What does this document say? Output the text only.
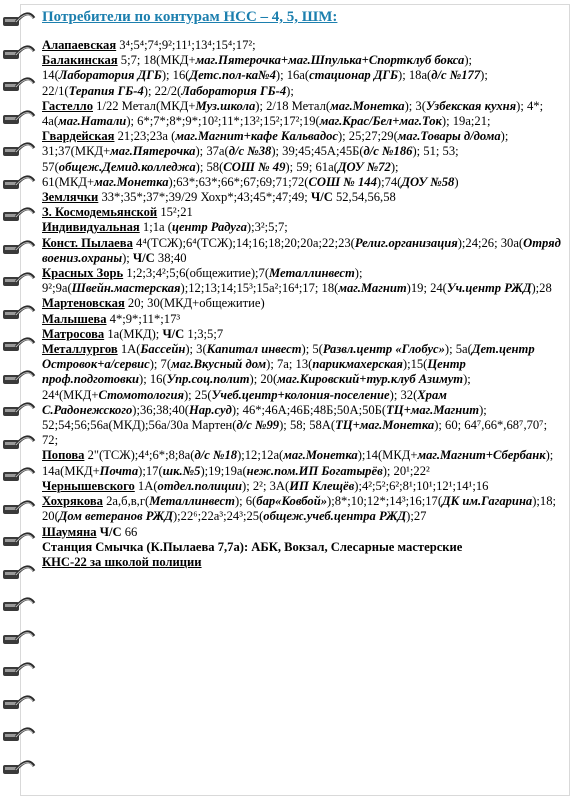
Потребители по контурам НСС – 4, 5, ШМ:
Алапаевская 3⁴;5⁴;7⁴;9²;11¹;13⁴;15⁴;17²;
Балакинская 5;7; 18(МКД+маг.Пятерочка+маг.Шпулька+Спортклуб бокса); 14(Лаборатория ДГБ); 16(Детс.пол-ка№4); 16а(стационар ДГБ); 18а(д/с №177); 22/1(Терапия ГБ-4); 22/2(Лаборатория ГБ-4);
Гастелло 1/22 Метал(МКД+Муз.школа); 2/18 Метал(маг.Монетка); 3(Узбекская кухня); 4*; 4а(маг.Натали); 6*;7*;8*;9*;10²;11*;13²;15²;17²;19(маг.Крас/Бел+маг.Ток); 19а;21;
Гвардейская 21;23;23а (маг.Магнит+кафе Кальвадос); 25;27;29(маг.Товары д/дома); 31;37(МКД+маг.Пятерочка); 37а(д/с №38); 39;45;45А;45Б(д/с №186); 51; 53; 57(общеж.Демид.колледжа); 58(СОШ № 49); 59; 61а(ДОУ №72); 61(МКД+маг.Монетка);63*;63*;66*;67;69;71;72(СОШ № 144);74(ДОУ №58)
Землячки 33*;35*;37*;39/29 Хохр*;43;45*;47;49; Ч/С 52,54,56,58
З. Космодемьянской 15²;21
Индивидуальная 1;1а (центр Радуга);3²;5;7;
Конст. Пылаева 4⁴(ТСЖ);6⁴(ТСЖ);14;16;18;20;20а;22;23(Религ.организация);24;26; 30а(Отряд воениз.охраны); Ч/С 38;40
Красных Зорь 1;2;3;4²;5;6(общежитие);7(Металлинвест); 9²;9а(Швейн.мастерская);12;13;14;15³;15а²;16⁴;17; 18(маг.Магнит)19; 24(Уч.центр РЖД);28
Мартеновская 20; 30(МКД+общежитие)
Малышева 4*;9*;11*;17³
Матросова 1а(МКД); Ч/С 1;3;5;7
Металлургов 1А(Бассейн); 3(Капитал инвест); 5(Развл.центр «Глобус»); 5а(Дет.центр Островок+а/сервис); 7(маг.Вкусный дом); 7а; 13(парикмахерская);15(Центр проф.подготовки); 16(Упр.соц.полит); 20(маг.Кировский+тур.клуб Азимут); 24⁴(МКД+Стомотология); 25(Учеб.центр+колония-поселение); 32(Храм С.Радонежского);36;38;40(Нар.суд); 46*;46А;46Б;48Б;50А;50Б(ТЦ+маг.Магнит); 52;54;56;56а(МКД);56а/30а Мартен(д/с №99); 58; 58А(ТЦ+маг.Монетка); 60; 64⁷,66*,68⁷,70⁷; 72;
Попова 2"(ТСЖ);4⁴;6*;8;8а(д/с №18);12;12а(маг.Монетка);14(МКД+маг.Магнит+Сбербанк); 14а(МКД+Почта);17(шк.№5);19;19а(неж.пом.ИП Богатырёв); 20¹;22²
Чернышевского 1А(отдел.полиции); 2²; 3А(ИП Клещёв);4²;5²;6²;8¹;10¹;12¹;14¹;16
Хохрякова 2а,б,в,г(Металлинвест); 6(бар«Ковбой»);8*;10;12*;14³;16;17(ДК им.Гагарина);18; 20(Дом ветеранов РЖД);22⁶;22а³;24³;25(общеж.учеб.центра РЖД);27
Шаумяна Ч/С 66
Станция Смычка (К.Пылаева 7,7а): АБК, Вокзал, Слесарные мастерские
КНС-22 за школой полиции
